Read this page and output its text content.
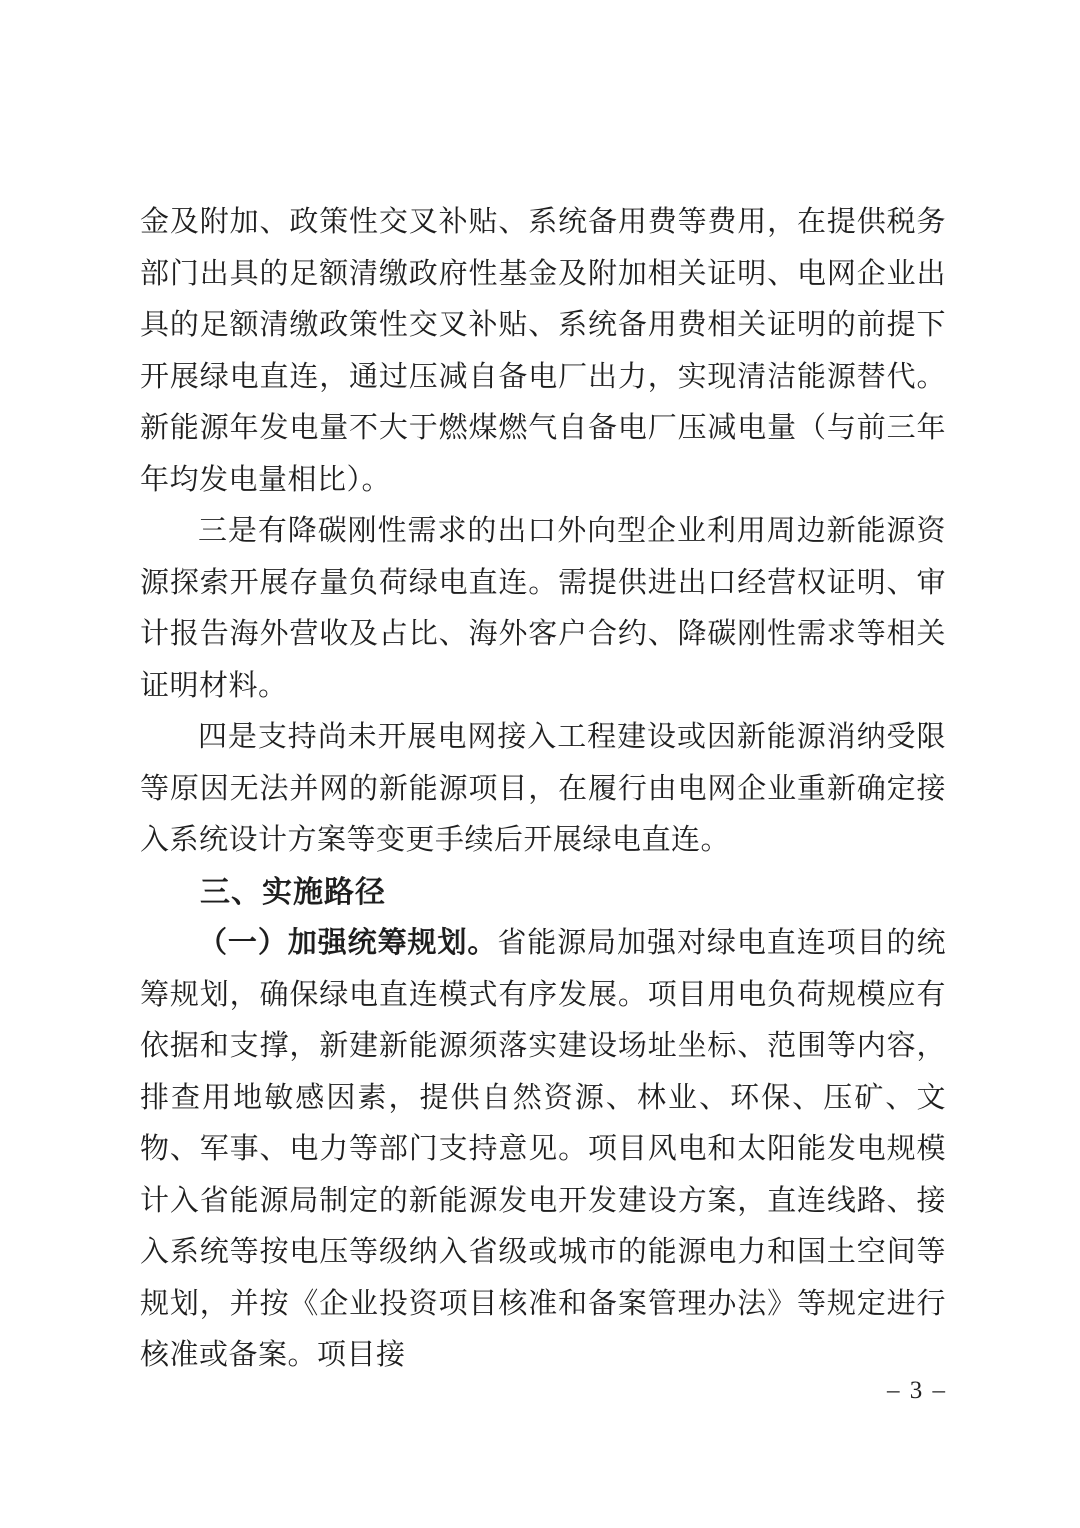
金及附加、政策性交叉补贴、系统备用费等费用，在提供税务部门出具的足额清缴政府性基金及附加相关证明、电网企业出具的足额清缴政策性交叉补贴、系统备用费相关证明的前提下开展绿电直连，通过压减自备电厂出力，实现清洁能源替代。新能源年发电量不大于燃煤燃气自备电厂压减电量（与前三年年均发电量相比）。

三是有降碳刚性需求的出口外向型企业利用周边新能源资源探索开展存量负荷绿电直连。需提供进出口经营权证明、审计报告海外营收及占比、海外客户合约、降碳刚性需求等相关证明材料。

四是支持尚未开展电网接入工程建设或因新能源消纳受限等原因无法并网的新能源项目，在履行由电网企业重新确定接入系统设计方案等变更手续后开展绿电直连。

三、实施路径

（一）加强统筹规划。省能源局加强对绿电直连项目的统筹规划，确保绿电直连模式有序发展。项目用电负荷规模应有依据和支撑，新建新能源须落实建设场址坐标、范围等内容，排查用地敏感因素，提供自然资源、林业、环保、压矿、文物、军事、电力等部门支持意见。项目风电和太阳能发电规模计入省能源局制定的新能源发电开发建设方案，直连线路、接入系统等按电压等级纳入省级或城市的能源电力和国土空间等规划，并按《企业投资项目核准和备案管理办法》等规定进行核准或备案。项目接

– 3 –
